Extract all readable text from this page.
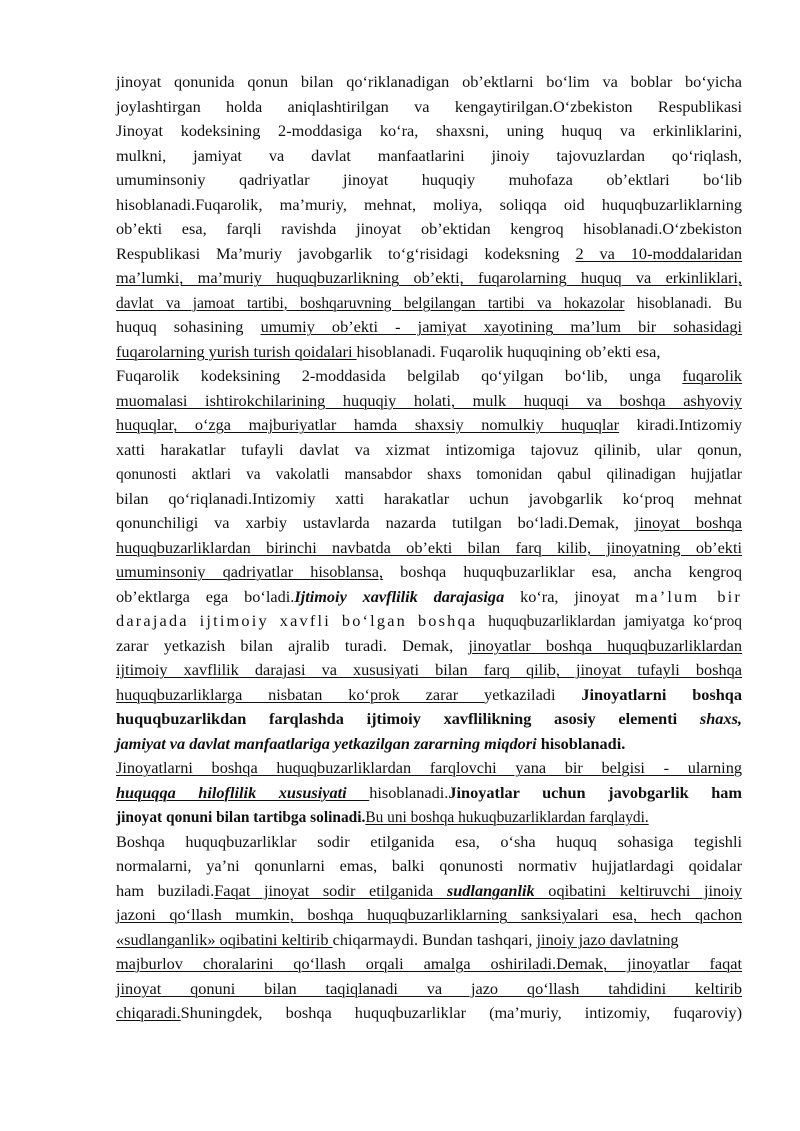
jinoyat qonunida qonun bilan qo‘riklanadigan ob’ektlarni bo‘lim va boblar bo‘yicha
joylashtirgan holda aniqlashtirilgan va kengaytirilgan.O‘zbekiston Respublikasi
Jinoyat kodeksining 2-moddasiga ko‘ra, shaxsni, uning huquq va erkinliklarini,
mulkni, jamiyat va davlat manfaatlarini jinoiy tajovuzlardan qo‘riqlash,
umuminsoniy qadriyatlar jinoyat huquqiy muhofaza ob’ektlari bo‘lib
hisoblanadi.Fuqarolik, ma’muriy, mehnat, moliya, soliqqa oid huquqbuzarliklarning
ob’ekti esa, farqli ravishda jinoyat ob’ektidan kengroq hisoblanadi.O‘zbekiston
Respublikasi Ma’muriy javobgarlik to‘g‘risidagi kodeksning 2 va 10-moddalaridan
ma’lumki, ma’muriy huquqbuzarlikning ob’ekti, fuqarolarning huquq va erkinliklari,
davlat va jamoat tartibi, boshqaruvning belgilangan tartibi va hokazolar hisoblanadi. Bu
huquq sohasining umumiy ob’ekti - jamiyat xayotining ma’lum bir sohasidagi
fuqarolarning yurish turish qoidalari hisoblanadi. Fuqarolik huquqining ob’ekti esa,
Fuqarolik kodeksining 2-moddasida belgilab qo‘yilgan bo‘lib, unga fuqarolik
muomalasi ishtirokchilarining huquqiy holati, mulk huquqi va boshqa ashyoviy
huquqlar, o‘zga majburiyatlar hamda shaxsiy nomulkiy huquqlar kiradi.Intizomiy
xatti harakatlar tufayli davlat va xizmat intizomiga tajovuz qilinib, ular qonun,
qonunosti aktlari va vakolatli mansabdor shaxs tomonidan qabul qilinadigan hujjatlar
bilan qo‘riqlanadi.Intizomiy xatti harakatlar uchun javobgarlik ko‘proq mehnat
qonunchiligi va xarbiy ustavlarda nazarda tutilgan bo‘ladi.Demak, jinoyat boshqa
huquqbuzarliklardan birinchi navbatda ob’ekti bilan farq kilib, jinoyatning ob’ekti
umuminsoniy qadriyatlar hisoblansa, boshqa huquqbuzarliklar esa, ancha kengroq
ob’ektlarga ega bo‘ladi.Ijtimoiy xavflilik darajasiga ko‘ra, jinoyat ma’lum bir
darajada ijtimoiy xavfli bo‘lgan boshqa huquqbuzarliklardan jamiyatga ko‘proq
zarar yetkazish bilan ajralib turadi. Demak, jinoyatlar boshqa huquqbuzarliklardan
ijtimoiy xavflilik darajasi va xususiyati bilan farq qilib, jinoyat tufayli boshqa
huquqbuzarliklarga nisbatan ko‘prok zarar yetkaziladi Jinoyatlarni boshqa
huquqbuzarlikdan farqlashda ijtimoiy xavflilikning asosiy elementi shaxs,
jamiyat va davlat manfaatlariga yetkazilgan zararning miqdori hisoblanadi.
Jinoyatlarni boshqa huquqbuzarliklardan farqlovchi yana bir belgisi - ularning
huquqqa hiloflilik xususiyati hisoblanadi.Jinoyatlar uchun javobgarlik ham
jinoyat qonuni bilan tartibga solinadi.Bu uni boshqa hukuqbuzarliklardan farqlaydi.
Boshqa huquqbuzarliklar sodir etilganida esa, o‘sha huquq sohasiga tegishli
normalarni, ya’ni qonunlarni emas, balki qonunosti normativ hujjatlardagi qoidalar
ham buziladi.Faqat jinoyat sodir etilganida sudlanganlik oqibatini keltiruvchi jinoiy
jazoni qo‘llash mumkin, boshqa huquqbuzarliklarning sanksiyalari esa, hech qachon
«sudlanganlik» oqibatini keltirib chiqarmaydi. Bundan tashqari, jinoiy jazo davlatning
majburlov choralarini qo‘llash orqali amalga oshiriladi.Demak, jinoyatlar faqat
jinoyat qonuni bilan taqiqlanadi va jazo qo‘llash tahdidini keltirib
chiqaradi.Shuningdek, boshqa huquqbuzarliklar (ma’muriy, intizomiy, fuqaroviy)
